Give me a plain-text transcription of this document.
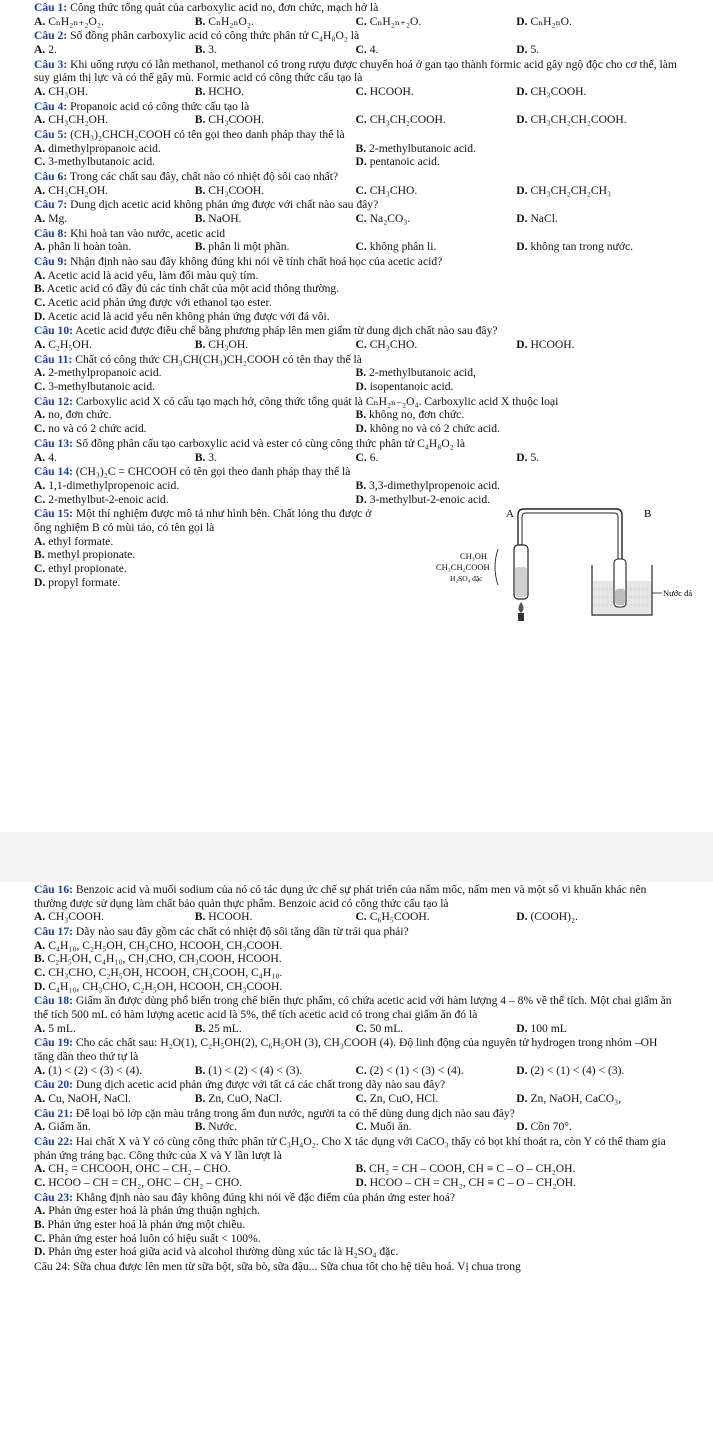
Câu 1: Công thức tổng quát của carboxylic acid no, đơn chức, mạch hở là

A. CₙH₂ₙ₊₂O₂.	B. CₙH₂ₙO₂.	C. CₙH₂ₙ₊₂O.	D. CₙH₂ₙO.

Câu 2: Số đồng phân carboxylic acid có công thức phân tử C₄H₈O₂ là

A. 2.	B. 3.	C. 4.	D. 5.

Câu 3: Khi uống rượu có lẫn methanol, methanol có trong rượu được chuyển hoá ở gan tạo thành formic acid gây ngộ độc cho cơ thể, làm suy giảm thị lực và có thể gây mù. Formic acid có công thức cấu tạo là

A. CH₃OH.	B. HCHO.	C. HCOOH.	D. CH₃COOH.

Câu 4: Propanoic acid có công thức cấu tạo là

A. CH₃CH₂OH.	B. CH₃COOH.	C. CH₃CH₂COOH.	D. CH₃CH₂CH₂COOH.

Câu 5: (CH₃)₂CHCH₂COOH có tên gọi theo danh pháp thay thế là

A. dimethylpropanoic acid.	B. 2-methylbutanoic acid.
C. 3-methylbutanoic acid.	D. pentanoic acid.

Câu 6: Trong các chất sau đây, chất nào có nhiệt độ sôi cao nhất?

A. CH₃CH₂OH.	B. CH₃COOH.	C. CH₃CHO.	D. CH₃CH₂CH₂CH₃

Câu 7: Dung dịch acetic acid không phản ứng được với chất nào sau đây?

A. Mg.	B. NaOH.	C. Na₂CO₃.	D. NaCl.

Câu 8: Khi hoà tan vào nước, acetic acid

A. phân li hoàn toàn.	B. phân li một phần.	C. không phân li.	D. không tan trong nước.

Câu 9: Nhận định nào sau đây không đúng khi nói về tính chất hoá học của acetic acid?

A. Acetic acid là acid yếu, làm đổi màu quỳ tím.
B. Acetic acid có đầy đủ các tính chất của một acid thông thường.
C. Acetic acid phản ứng được với ethanol tạo ester.
D. Acetic acid là acid yếu nên không phản ứng được với đá vôi.

Câu 10: Acetic acid được điều chế bằng phương pháp lên men giấm từ dung dịch chất nào sau đây?

A. C₂H₅OH.	B. CH₃OH.	C. CH₃CHO.	D. HCOOH.

Câu 11: Chất có công thức CH₃CH(CH₃)CH₂COOH có tên thay thế là

A. 2-methylpropanoic acid.	B. 2-methylbutanoic acid,
C. 3-methylbutanoic acid.	D. isopentanoic acid.

Câu 12: Carboxylic acid X có cấu tạo mạch hở, công thức tổng quát là CₙH₂ₙ₋₂O₄. Carboxylic acid X thuộc loại

A. no, đơn chức.	B. không no, đơn chức.
C. no và có 2 chức acid.	D. không no và có 2 chức acid.

Câu 13: Số đồng phân cấu tạo carboxylic acid và ester có cùng công thức phân tử C₄H₈O₂ là

A. 4.	B. 3.	C. 6.	D. 5.

Câu 14: (CH₃)₂C = CHCOOH có tên gọi theo danh pháp thay thế là

A. 1,1-dimethylpropenoic acid.	B. 3,3-dimethylpropenoic acid.
C. 2-methylbut-2-enoic acid.	D. 3-methylbut-2-enoic acid.

Câu 15: Một thí nghiệm được mô tả như hình bên. Chất lỏng thu được ở ống nghiệm B có mùi táo, có tên gọi là

A. ethyl formate.
B. methyl propionate.
C. ethyl propionate.
D. propyl formate.
A	B
CH₃OH
CH₃CH₂COOH
H₂SO₄ đặc
Nước đá

Câu 16: Benzoic acid và muối sodium của nó có tác dụng ức chế sự phát triển của nấm mốc, nấm men và một số vi khuẩn khác nên thường được sử dụng làm chất bảo quản thực phẩm. Benzoic acid có công thức cấu tạo là

A. CH₃COOH.	B. HCOOH.	C. C₆H₅COOH.	D. (COOH)₂.

Câu 17: Dãy nào sau đây gồm các chất có nhiệt độ sôi tăng dần từ trái qua phải?

A. C₄H₁₀, C₂H₅OH, CH₃CHO, HCOOH, CH₃COOH.
B. C₂H₅OH, C₄H₁₀, CH₃CHO, CH₃COOH, HCOOH.
C. CH₃CHO, C₂H₅OH, HCOOH, CH₃COOH, C₄H₁₀.
D. C₄H₁₀, CH₃CHO, C₂H₅OH, HCOOH, CH₃COOH.

Câu 18: Giấm ăn được dùng phổ biến trong chế biến thực phẩm, có chứa acetic acid với hàm lượng 4 – 8% về thể tích. Một chai giấm ăn thể tích 500 mL có hàm lượng acetic acid là 5%, thể tích acetic acid có trong chai giấm ăn đó là

A. 5 mL.	B. 25 mL.	C. 50 mL.	D. 100 mL

Câu 19: Cho các chất sau: H₂O(1), C₂H₅OH(2), C₆H₅OH (3), CH₃COOH (4). Độ linh động của nguyên tử hydrogen trong nhóm –OH tăng dần theo thứ tự là

A. (1) < (2) < (3) < (4).	B. (1) < (2) < (4) < (3).	C. (2) < (1) < (3) < (4).	D. (2) < (1) < (4) < (3).

Câu 20: Dung dịch acetic acid phản ứng được với tất cả các chất trong dãy nào sau đây?

A. Cu, NaOH, NaCl.	B. Zn, CuO, NaCl.	C. Zn, CuO, HCl.	D. Zn, NaOH, CaCO₃,

Câu 21: Để loại bỏ lớp cặn màu trắng trong ấm đun nước, người ta có thể dùng dung dịch nào sau đây?

A. Giấm ăn.	B. Nước.	C. Muối ăn.	D. Cồn 70°.

Câu 22: Hai chất X và Y có cùng công thức phân tử C₃H₄O₂. Cho X tác dụng với CaCO₃ thấy có bọt khí thoát ra, còn Y có thể tham gia phản ứng tráng bạc. Công thức của X và Y lần lượt là

A. CH₂ = CHCOOH, OHC – CH₂ – CHO.	B. CH₂ = CH – COOH, CH ≡ C – O – CH₂OH.
C. HCOO – CH = CH₂, OHC – CH₂ – CHO.	D. HCOO – CH = CH₂, CH ≡ C – O – CH₂OH.

Câu 23: Khẳng định nào sau đây không đúng khi nói về đặc điểm của phản ứng ester hoá?

A. Phản ứng ester hoá là phản ứng thuận nghịch.
B. Phản ứng ester hoá là phản ứng một chiều.
C. Phản ứng ester hoá luôn có hiệu suất < 100%.
D. Phản ứng ester hoá giữa acid và alcohol thường dùng xúc tác là H₂SO₄ đặc.
Câu 24: Sữa chua được lên men từ sữa bột, sữa bò, sữa đậu... Sữa chua tốt cho hệ tiêu hoá. Vị chua trong
